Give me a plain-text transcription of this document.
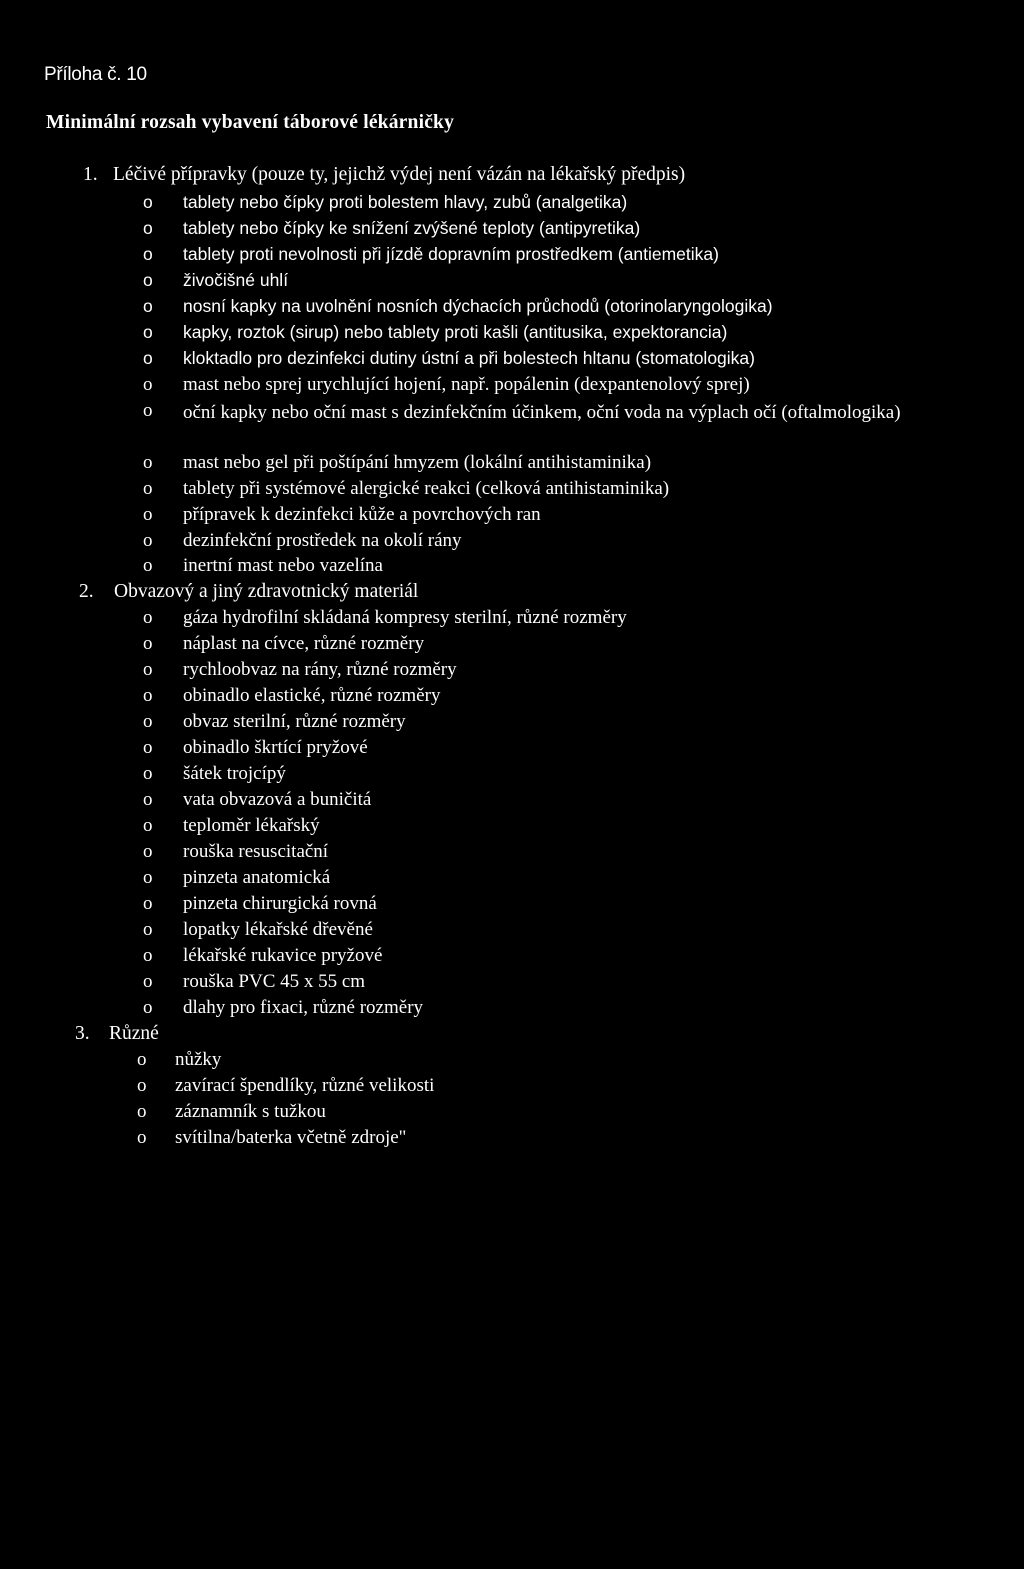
Příloha č. 10
Minimální rozsah vybavení táborové lékárničky
1. Léčivé přípravky (pouze ty, jejichž výdej není vázán na lékařský předpis)
o tablety nebo čípky proti bolestem hlavy, zubů (analgetika)
o tablety nebo čípky ke snížení zvýšené teploty (antipyretika)
o tablety proti nevolnosti při jízdě dopravním prostředkem (antiemetika)
o živočišné uhlí
o nosní kapky na uvolnění nosních dýchacích průchodů (otorinolaryngologika)
o kapky, roztok (sirup) nebo tablety proti kašli (antitusika, expektorancia)
o kloktadlo pro dezinfekci dutiny ústní a při bolestech hltanu (stomatologika)
o mast nebo sprej urychlující hojení, např. popálenin (dexpantenolový sprej)
o oční kapky nebo oční mast s dezinfekčním účinkem, oční voda na výplach očí (oftalmologika)
o mast nebo gel při poštípání hmyzem (lokální antihistaminika)
o tablety při systémové alergické reakci (celková antihistaminika)
o přípravek k dezinfekci kůže a povrchových ran
o dezinfekční prostředek na okolí rány
o inertní mast nebo vazelína
2. Obvazový a jiný zdravotnický materiál
o gáza hydrofilní skládaná kompresy sterilní, různé rozměry
o náplast na cívce, různé rozměry
o rychloobvaz na rány, různé rozměry
o obinadlo elastické, různé rozměry
o obvaz sterilní, různé rozměry
o obinadlo škrtící pryžové
o šátek trojcípý
o vata obvazová a buničitá
o teploměr lékařský
o rouška resuscitační
o pinzeta anatomická
o pinzeta chirurgická rovná
o lopatky lékařské dřevěné
o lékařské rukavice pryžové
o rouška PVC 45 x 55 cm
o dlahy pro fixaci, různé rozměry
3. Různé
o nůžky
o zavírací špendlíky, různé velikosti
o záznamník s tužkou
o svítilna/baterka včetně zdroje"
